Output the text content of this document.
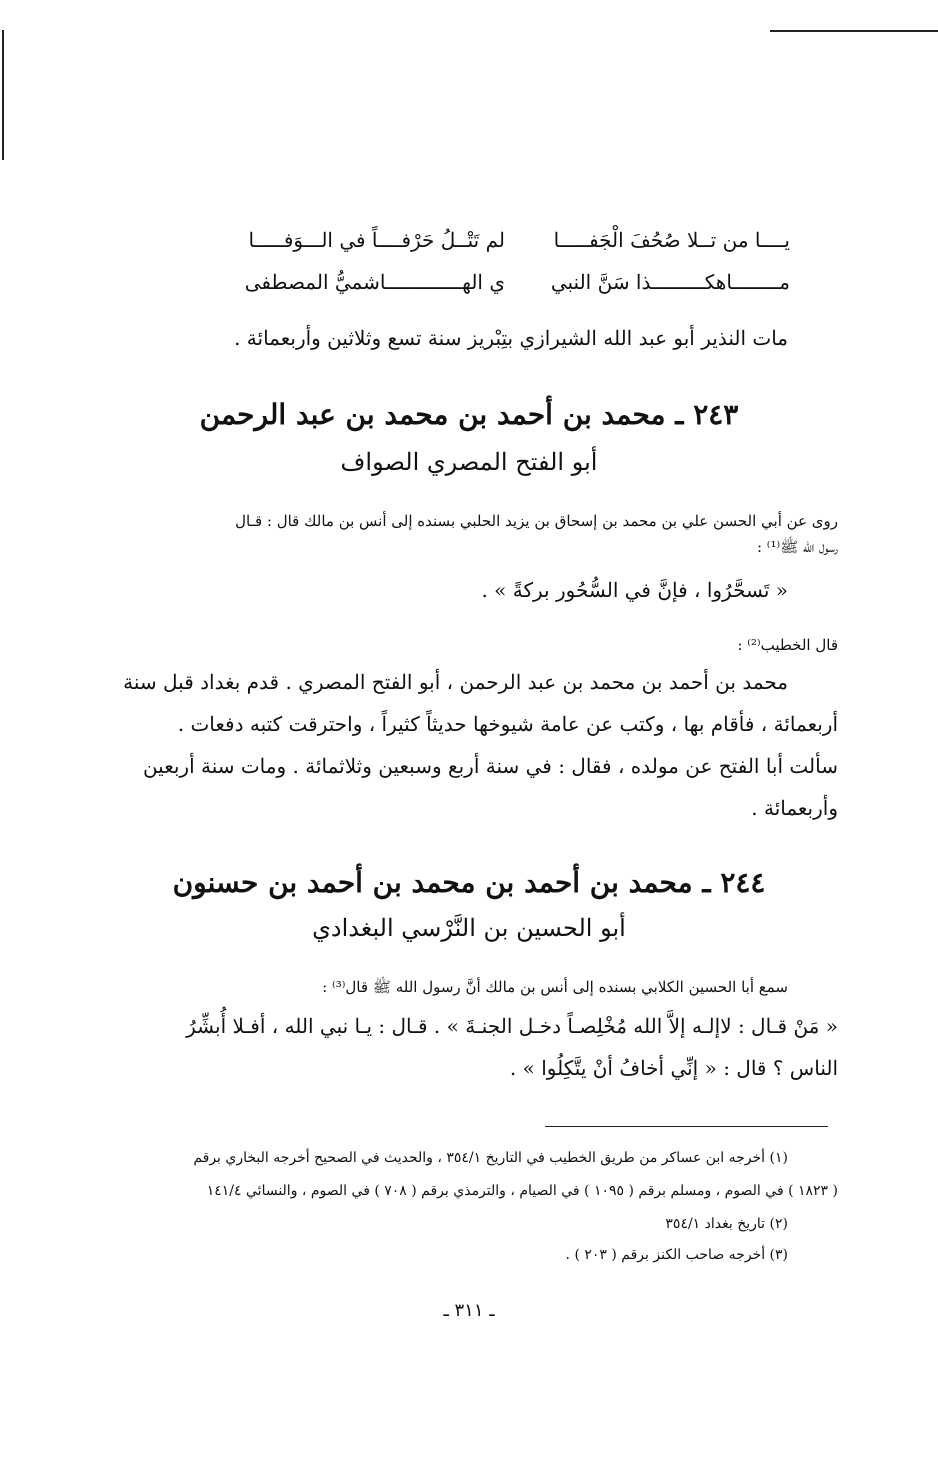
يــــا من تــلا صُحُفَ الْجَفـــــا
لم تَتْــلُ حَرْفــــاً في الـــوَفـــــا
مــــــــاهكـــــــــذا سَنَّ النبي
ي الهـــــــــــــاشميُّ المصطفى
مات النذير أبو عبد الله الشيرازي بتِبْريز سنة تسع وثلاثين وأربعمائة .
٢٤٣ ـ محمد بن أحمد بن محمد بن عبد الرحمن
أبو الفتح المصري الصواف
روى عن أبي الحسن علي بن محمد بن إسحاق بن يزيد الحلبي بسنده إلى أنس بن مالك قال : قـال
رسول الله ﷺ⁽¹⁾ :
« تَسحَّرُوا ، فإنَّ في السُّحُور بركةً » .
قال الخطيب⁽²⁾ :
محمد بن أحمد بن محمد بن عبد الرحمن ، أبو الفتح المصري . قدم بغداد قبل سنة
أربعمائة ، فأقام بها ، وكتب عن عامة شيوخها حديثاً كثيراً ، واحترقت كتبه دفعات .
سألت أبا الفتح عن مولده ، فقال : في سنة أربع وسبعين وثلاثمائة . ومات سنة أربعين
وأربعمائة .
٢٤٤ ـ محمد بن أحمد بن محمد بن أحمد بن حسنون
أبو الحسين بن النَّرْسي البغدادي
سمع أبا الحسين الكلابي بسنده إلى أنس بن مالك أنَّ رسول الله ﷺ قال⁽³⁾ :
« مَنْ قـال : لاإلـه إلاَّ الله مُخْلِصـاً دخـل الجنـةَ » . قـال : يـا نبي الله ، أفـلا أُبشِّرُ
الناس ؟ قال : « إنِّي أخافُ أنْ يتَّكِلُوا » .
(١) أخرجه ابن عساكر من طريق الخطيب في التاريخ ٣٥٤/١ ، والحديث في الصحيح أخرجه البخاري برقم
( ١٨٢٣ ) في الصوم ، ومسلم برقم ( ١٠٩٥ ) في الصيام ، والترمذي برقم ( ٧٠٨ ) في الصوم ، والنسائي ١٤١/٤
(٢) تاريخ بغداد ٣٥٤/١
(٣) أخرجه صاحب الكنز برقم ( ٢٠٣ ) .
ـ ٣١١ ـ
